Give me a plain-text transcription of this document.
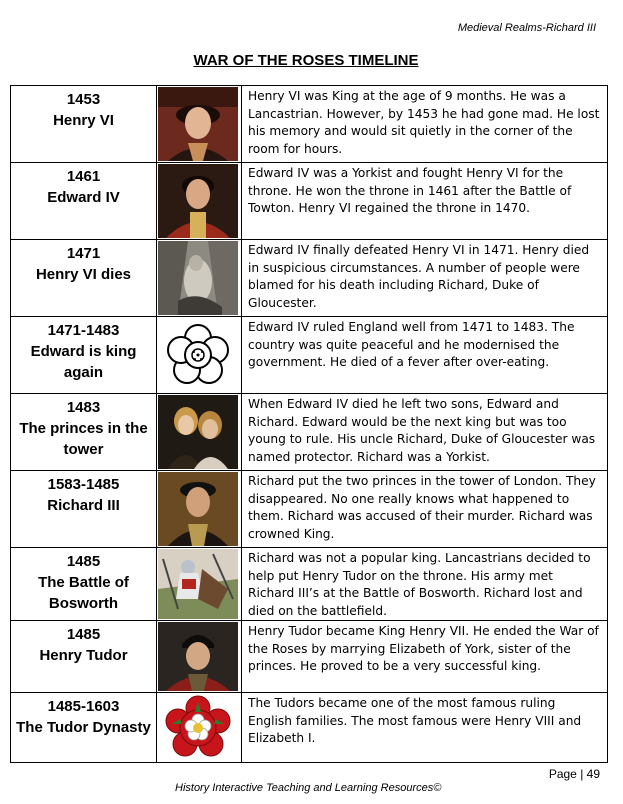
Medieval Realms-Richard III
WAR OF THE ROSES TIMELINE
1453
Henry VI		Henry VI was King at the age of 9 months. He was a Lancastrian. However, by 1453 he had gone mad. He lost his memory and would sit quietly in the corner of the room for hours.

1461
Edward IV		Edward IV was a Yorkist and fought Henry VI for the throne. He won the throne in 1461 after the Battle of Towton. Henry VI regained the throne in 1470.

1471
Henry VI dies		Edward IV finally defeated Henry VI in 1471. Henry died in suspicious circumstances. A number of people were blamed for his death including Richard, Duke of Gloucester.

1471-1483
Edward is king again		Edward IV ruled England well from 1471 to 1483. The country was quite peaceful and he modernised the government. He died of a fever after over-eating.

1483
The princes in the tower		When Edward IV died he left two sons, Edward and Richard. Edward would be the next king but was too young to rule. His uncle Richard, Duke of Gloucester was named protector. Richard was a Yorkist.

1583-1485
Richard III		Richard put the two princes in the tower of London. They disappeared. No one really knows what happened to them. Richard was accused of their murder. Richard was crowned King.

1485
The Battle of Bosworth		Richard was not a popular king. Lancastrians decided to help put Henry Tudor on the throne. His army met Richard III’s at the Battle of Bosworth. Richard lost and died on the battlefield.

1485
Henry Tudor		Henry Tudor became King Henry VII. He ended the War of the Roses by marrying Elizabeth of York, sister of the princes. He proved to be a very successful king.

1485-1603
The Tudor Dynasty		The Tudors became one of the most famous ruling English families. The most famous were Henry VIII and Elizabeth I.
Page | 49
History Interactive Teaching and Learning Resources©
